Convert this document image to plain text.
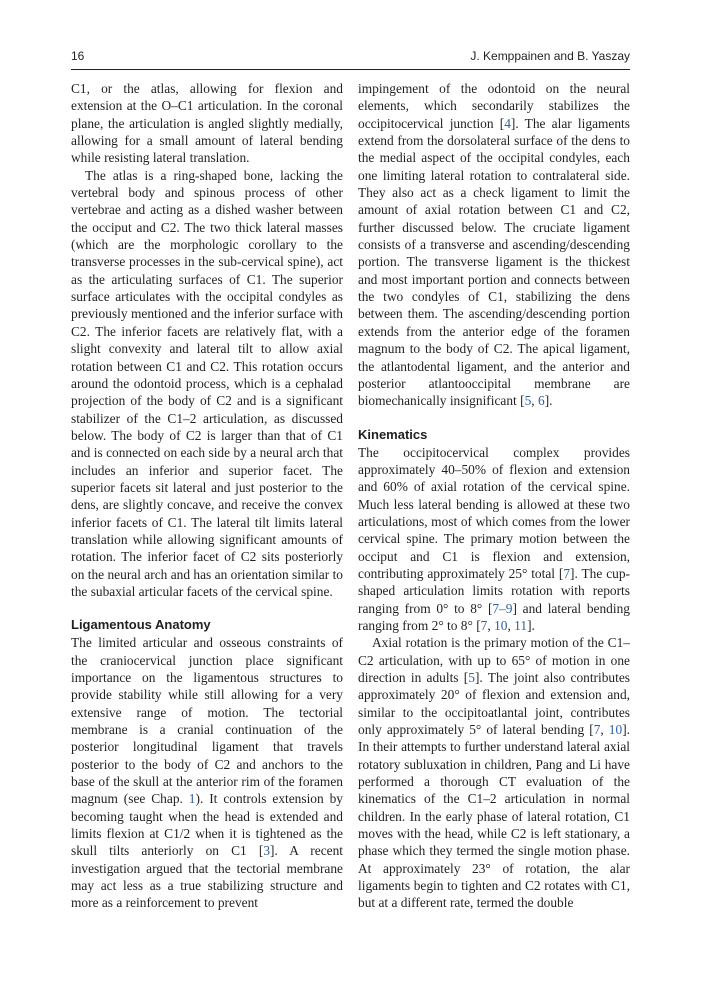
16	J. Kemppainen and B. Yaszay

C1, or the atlas, allowing for flexion and extension at the O–C1 articulation. In the coronal plane, the articulation is angled slightly medially, allowing for a small amount of lateral bending while resisting lateral translation.

The atlas is a ring-shaped bone, lacking the vertebral body and spinous process of other vertebrae and acting as a dished washer between the occiput and C2. The two thick lateral masses (which are the morphologic corollary to the transverse processes in the sub-cervical spine), act as the articulating surfaces of C1. The superior surface articulates with the occipital condyles as previously mentioned and the inferior surface with C2. The inferior facets are relatively flat, with a slight convexity and lateral tilt to allow axial rotation between C1 and C2. This rotation occurs around the odontoid process, which is a cephalad projection of the body of C2 and is a significant stabilizer of the C1–2 articulation, as discussed below. The body of C2 is larger than that of C1 and is connected on each side by a neural arch that includes an inferior and superior facet. The superior facets sit lateral and just posterior to the dens, are slightly concave, and receive the convex inferior facets of C1. The lateral tilt limits lateral translation while allowing significant amounts of rotation. The inferior facet of C2 sits posteriorly on the neural arch and has an orientation similar to the subaxial articular facets of the cervical spine.

Ligamentous Anatomy

The limited articular and osseous constraints of the craniocervical junction place significant importance on the ligamentous structures to provide stability while still allowing for a very extensive range of motion. The tectorial membrane is a cranial continuation of the posterior longitudinal ligament that travels posterior to the body of C2 and anchors to the base of the skull at the anterior rim of the foramen magnum (see Chap. 1). It controls extension by becoming taught when the head is extended and limits flexion at C1/2 when it is tightened as the skull tilts anteriorly on C1 [3]. A recent investigation argued that the tectorial membrane may act less as a true stabilizing structure and more as a reinforcement to prevent

impingement of the odontoid on the neural elements, which secondarily stabilizes the occipitocervical junction [4]. The alar ligaments extend from the dorsolateral surface of the dens to the medial aspect of the occipital condyles, each one limiting lateral rotation to contralateral side. They also act as a check ligament to limit the amount of axial rotation between C1 and C2, further discussed below. The cruciate ligament consists of a transverse and ascending/descending portion. The transverse ligament is the thickest and most important portion and connects between the two condyles of C1, stabilizing the dens between them. The ascending/descending portion extends from the anterior edge of the foramen magnum to the body of C2. The apical ligament, the atlantodental ligament, and the anterior and posterior atlantooccipital membrane are biomechanically insignificant [5, 6].

Kinematics

The occipitocervical complex provides approximately 40–50% of flexion and extension and 60% of axial rotation of the cervical spine. Much less lateral bending is allowed at these two articulations, most of which comes from the lower cervical spine. The primary motion between the occiput and C1 is flexion and extension, contributing approximately 25° total [7]. The cup-shaped articulation limits rotation with reports ranging from 0° to 8° [7–9] and lateral bending ranging from 2° to 8° [7, 10, 11].

Axial rotation is the primary motion of the C1–C2 articulation, with up to 65° of motion in one direction in adults [5]. The joint also contributes approximately 20° of flexion and extension and, similar to the occipitoatlantal joint, contributes only approximately 5° of lateral bending [7, 10]. In their attempts to further understand lateral axial rotatory subluxation in children, Pang and Li have performed a thorough CT evaluation of the kinematics of the C1–2 articulation in normal children. In the early phase of lateral rotation, C1 moves with the head, while C2 is left stationary, a phase which they termed the single motion phase. At approximately 23° of rotation, the alar ligaments begin to tighten and C2 rotates with C1, but at a different rate, termed the double
